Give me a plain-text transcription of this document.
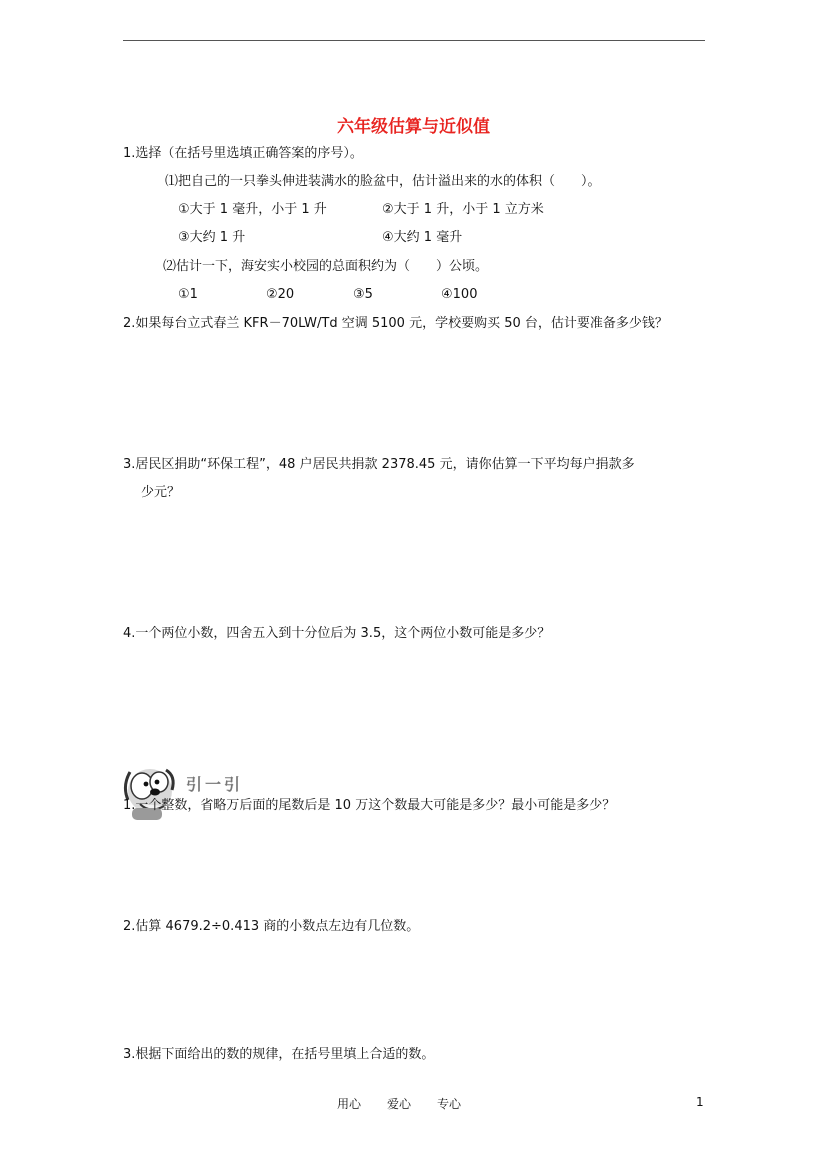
六年级估算与近似值
1.选择（在括号里选填正确答案的序号）。
⑴把自己的一只拳头伸进装满水的脸盆中，估计溢出来的水的体积（　　）。
①大于 1 毫升，小于 1 升	②大于 1 升，小于 1 立方米
③大约 1 升	④大约 1 毫升
⑵估计一下，海安实小校园的总面积约为（　　）公顷。
①1	②20	③5	④100
2.如果每台立式春兰 KFR－70LW/Td 空调 5100 元，学校要购买 50 台，估计要准备多少钱？
3.居民区捐助“环保工程”，48 户居民共捐款 2378.45 元，请你估算一下平均每户捐款多
少元？
4.一个两位小数，四舍五入到十分位后为 3.5，这个两位小数可能是多少？
引一引
1.一个整数，省略万后面的尾数后是 10 万这个数最大可能是多少？最小可能是多少？
2.估算 4679.2÷0.413 商的小数点左边有几位数。
3.根据下面给出的数的规律，在括号里填上合适的数。
用心 爱心 专心	1
